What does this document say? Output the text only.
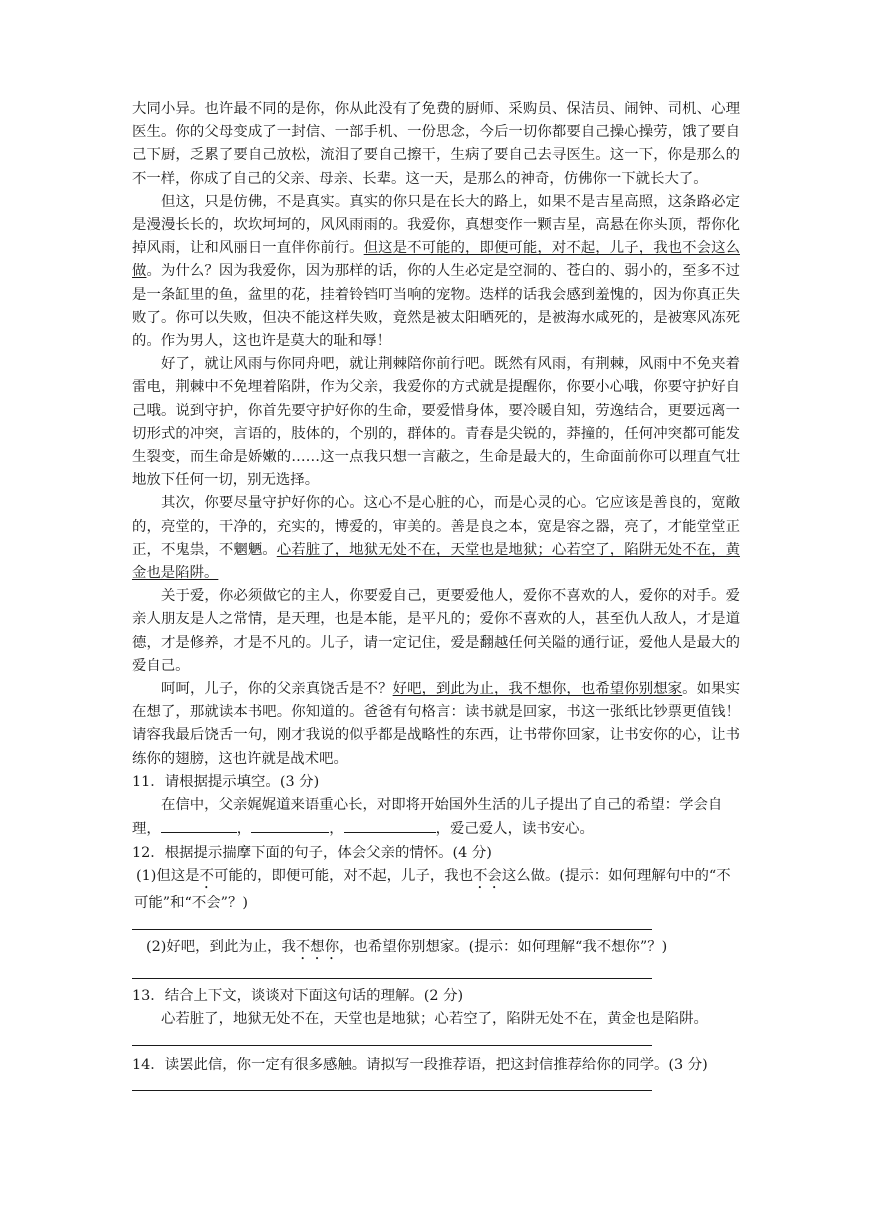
大同小异。也许最不同的是你，你从此没有了免费的厨师、采购员、保洁员、闹钟、司机、心理医生。你的父母变成了一封信、一部手机、一份思念，今后一切你都要自己操心操劳，饿了要自己下厨，乏累了要自己放松，流泪了要自己擦干，生病了要自己去寻医生。这一下，你是那么的不一样，你成了自己的父亲、母亲、长辈。这一天，是那么的神奇，仿佛你一下就长大了。

但这，只是仿佛，不是真实。真实的你只是在长大的路上，如果不是吉星高照，这条路必定是漫漫长长的，坎坎坷坷的，风风雨雨的。我爱你，真想变作一颗吉星，高悬在你头顶，帮你化掉风雨，让和风丽日一直伴你前行。但这是不可能的，即便可能，对不起，儿子，我也不会这么做。为什么？因为我爱你，因为那样的话，你的人生必定是空洞的、苍白的、弱小的，至多不过是一条缸里的鱼，盆里的花，挂着铃铛叮当响的宠物。迭样的话我会感到羞愧的，因为你真正失败了。你可以失败，但决不能这样失败，竟然是被太阳晒死的，是被海水咸死的，是被寒风冻死的。作为男人，这也许是莫大的耻和辱！

好了，就让风雨与你同舟吧，就让荆棘陪你前行吧。既然有风雨，有荆棘，风雨中不免夹着雷电，荆棘中不免埋着陷阱，作为父亲，我爱你的方式就是提醒你，你要小心哦，你要守护好自己哦。说到守护，你首先要守护好你的生命，要爱惜身体，要冷暖自知，劳逸结合，更要远离一切形式的冲突，言语的，肢体的，个别的，群体的。青春是尖锐的，莽撞的，任何冲突都可能发生裂变，而生命是娇嫩的……这一点我只想一言蔽之，生命是最大的，生命面前你可以理直气壮地放下任何一切，别无选择。

其次，你要尽量守护好你的心。这心不是心脏的心，而是心灵的心。它应该是善良的，宽敞的，亮堂的，干净的，充实的，博爱的，审美的。善是良之本，宽是容之器，亮了，才能堂堂正正，不鬼祟，不魍魉。心若脏了，地狱无处不在，天堂也是地狱；心若空了，陷阱无处不在，黄金也是陷阱。

关于爱，你必须做它的主人，你要爱自己，更要爱他人，爱你不喜欢的人，爱你的对手。爱亲人朋友是人之常情，是天理，也是本能，是平凡的；爱你不喜欢的人，甚至仇人敌人，才是道德，才是修养，才是不凡的。儿子，请一定记住，爱是翻越任何关隘的通行证，爱他人是最大的爱自己。

呵呵，儿子，你的父亲真饶舌是不？好吧，到此为止，我不想你，也希望你别想家。如果实在想了，那就读本书吧。你知道的。爸爸有句格言：读书就是回家，书这一张纸比钞票更值钱！请容我最后饶舌一句，刚才我说的似乎都是战略性的东西，让书带你回家，让书安你的心，让书练你的翅膀，这也许就是战术吧。

11．请根据提示填空。(3 分)

在信中，父亲娓娓道来语重心长，对即将开始国外生活的儿子提出了自己的希望：学会自理，	，	，	，爱己爱人，读书安心。

12．根据提示揣摩下面的句子，体会父亲的情怀。(4 分)

(1)但这是不可能的，即便可能，对不起，儿子，我也不会这么做。(提示：如何理解句中的“不可能”和“不会”？)

(2)好吧，到此为止，我不想你，也希望你别想家。(提示：如何理解“我不想你”？)

13．结合上下文，谈谈对下面这句话的理解。(2 分)

心若脏了，地狱无处不在，天堂也是地狱；心若空了，陷阱无处不在，黄金也是陷阱。

14．读罢此信，你一定有很多感触。请拟写一段推荐语，把这封信推荐给你的同学。(3 分)
